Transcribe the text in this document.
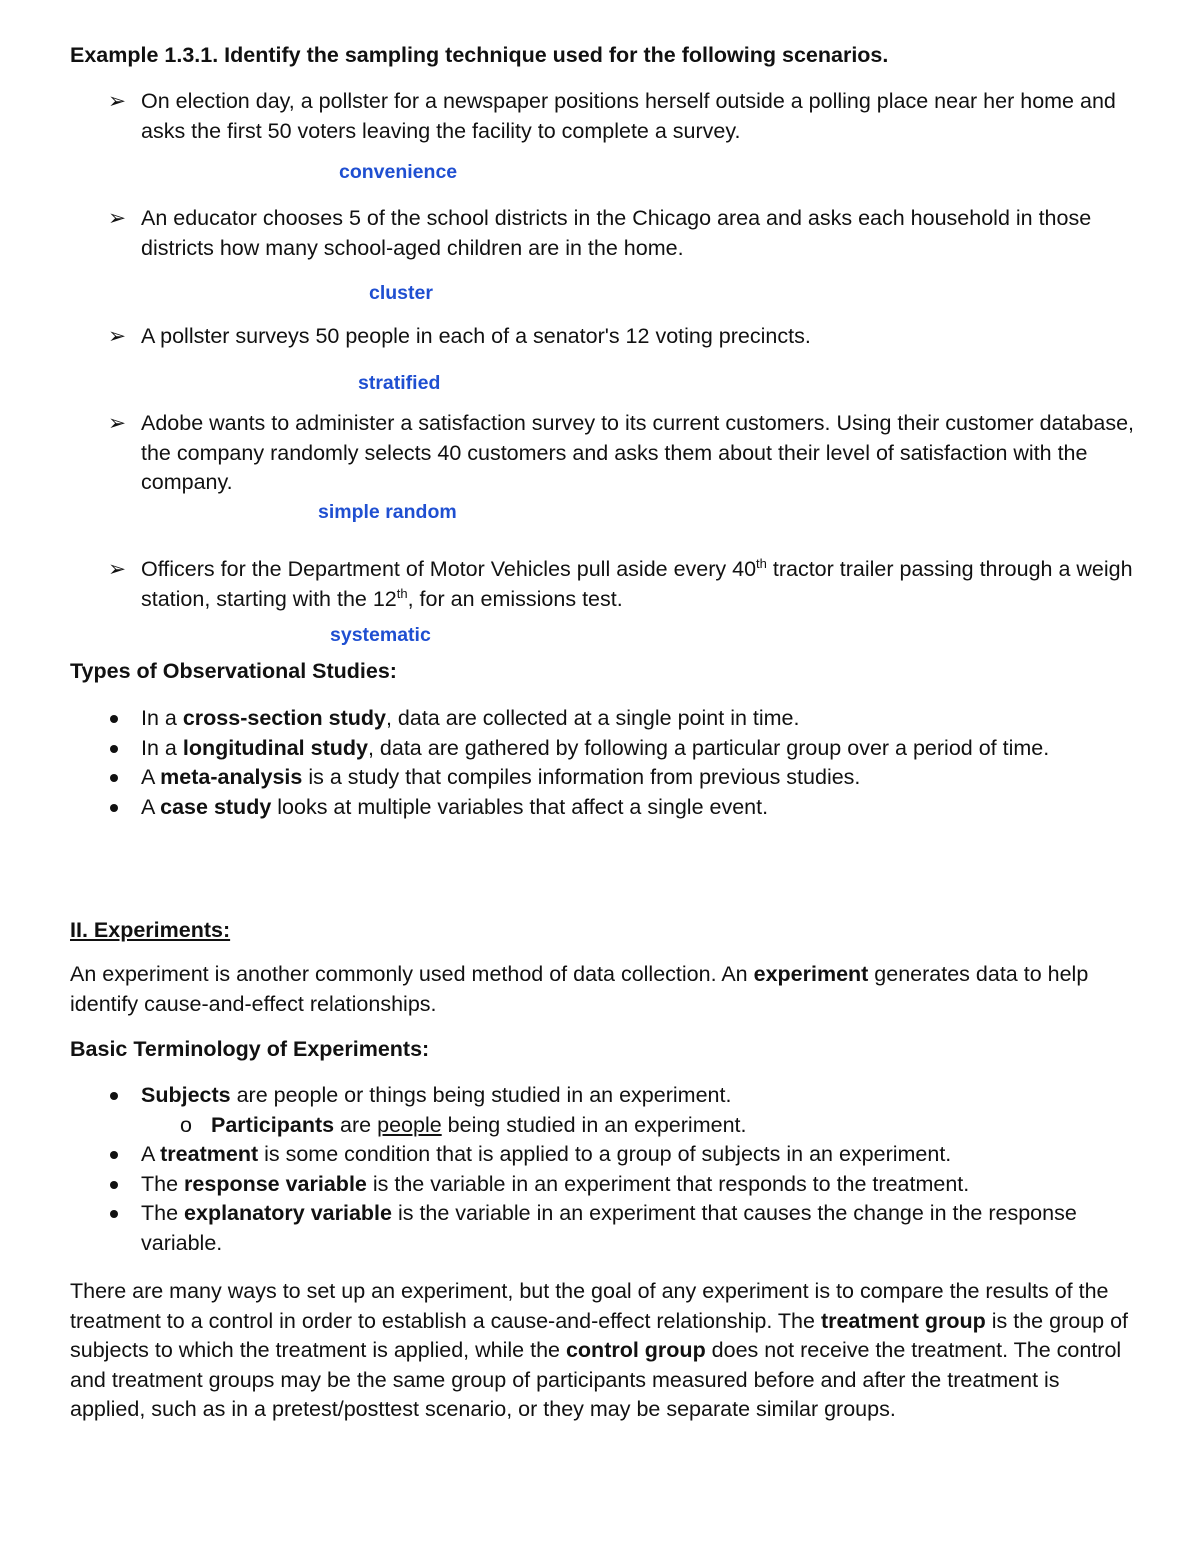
Example 1.3.1. Identify the sampling technique used for the following scenarios.
➢ On election day, a pollster for a newspaper positions herself outside a polling place near her home and asks the first 50 voters leaving the facility to complete a survey.
convenience
➢ An educator chooses 5 of the school districts in the Chicago area and asks each household in those districts how many school-aged children are in the home.
cluster
➢ A pollster surveys 50 people in each of a senator's 12 voting precincts.
stratified
➢ Adobe wants to administer a satisfaction survey to its current customers. Using their customer database, the company randomly selects 40 customers and asks them about their level of satisfaction with the company.
simple random
➢ Officers for the Department of Motor Vehicles pull aside every 40th tractor trailer passing through a weigh station, starting with the 12th, for an emissions test.
systematic
Types of Observational Studies:
In a cross-section study, data are collected at a single point in time.
In a longitudinal study, data are gathered by following a particular group over a period of time.
A meta-analysis is a study that compiles information from previous studies.
A case study looks at multiple variables that affect a single event.
II. Experiments:
An experiment is another commonly used method of data collection. An experiment generates data to help identify cause-and-effect relationships.
Basic Terminology of Experiments:
Subjects are people or things being studied in an experiment.
o Participants are people being studied in an experiment.
A treatment is some condition that is applied to a group of subjects in an experiment.
The response variable is the variable in an experiment that responds to the treatment.
The explanatory variable is the variable in an experiment that causes the change in the response variable.
There are many ways to set up an experiment, but the goal of any experiment is to compare the results of the treatment to a control in order to establish a cause-and-effect relationship. The treatment group is the group of subjects to which the treatment is applied, while the control group does not receive the treatment. The control and treatment groups may be the same group of participants measured before and after the treatment is applied, such as in a pretest/posttest scenario, or they may be separate similar groups.
